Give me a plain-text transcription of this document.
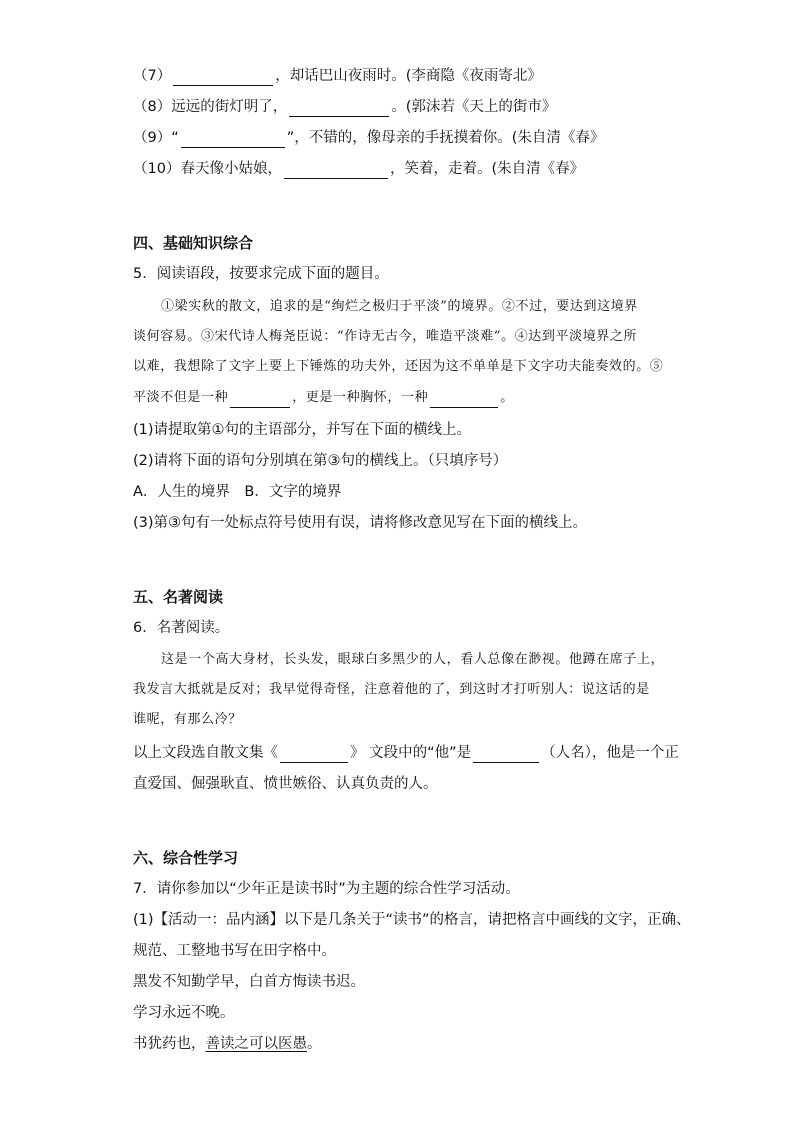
（7）	，却话巴山夜雨时。(李商隐《夜雨寄北》
（8）远远的街灯明了，	。(郭沫若《天上的街市》
（9）“	”，不错的，像母亲的手抚摸着你。(朱自清《春》
（10）春天像小姑娘，	，笑着，走着。(朱自清《春》
四、基础知识综合
5．阅读语段，按要求完成下面的题目。
①梁实秋的散文，追求的是“绚烂之极归于平淡”的境界。②不过，要达到这境界
谈何容易。③宋代诗人梅尧臣说：“作诗无古今，唯造平淡难”。④达到平淡境界之所
以难，我想除了文字上要上下锤炼的功夫外，还因为这不单单是下文字功夫能奏效的。⑤
平淡不但是一种	，更是一种胸怀，一种	。
(1)请提取第①句的主语部分，并写在下面的横线上。
(2)请将下面的语句分别填在第③句的横线上。（只填序号）
A．人生的境界　B．文字的境界
(3)第③句有一处标点符号使用有误，请将修改意见写在下面的横线上。
五、名著阅读
6．名著阅读。
这是一个高大身材，长头发，眼球白多黑少的人，看人总像在渺视。他蹲在席子上，
我发言大抵就是反对；我早觉得奇怪，注意着他的了，到这时才打听别人：说这话的是
谁呢，有那么冷？
以上文段选自散文集《	》 文段中的“他”是	（人名），他是一个正
直爱国、倔强耿直、愤世嫉俗、认真负责的人。
六、综合性学习
7．请你参加以“少年正是读书时”为主题的综合性学习活动。
(1)【活动一：品内涵】以下是几条关于“读书”的格言，请把格言中画线的文字，正确、
规范、工整地书写在田字格中。
黑发不知勤学早，白首方悔读书迟。
学习永远不晚。
书犹药也，善读之可以医愚。
